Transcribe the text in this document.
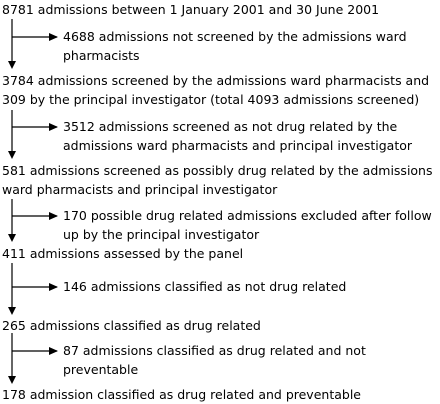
8781 admissions between 1 January 2001 and 30 June 2001
4688 admissions not screened by the admissions ward
pharmacists
3784 admissions screened by the admissions ward pharmacists and
309 by the principal investigator (total 4093 admissions screened)
3512 admissions screened as not drug related by the
admissions ward pharmacists and principal investigator
581 admissions screened as possibly drug related by the admissions
ward pharmacists and principal investigator
170 possible drug related admissions excluded after follow
up by the principal investigator
411 admissions assessed by the panel
146 admissions classified as not drug related
265 admissions classified as drug related
87 admissions classified as drug related and not
preventable
178 admission classified as drug related and preventable
